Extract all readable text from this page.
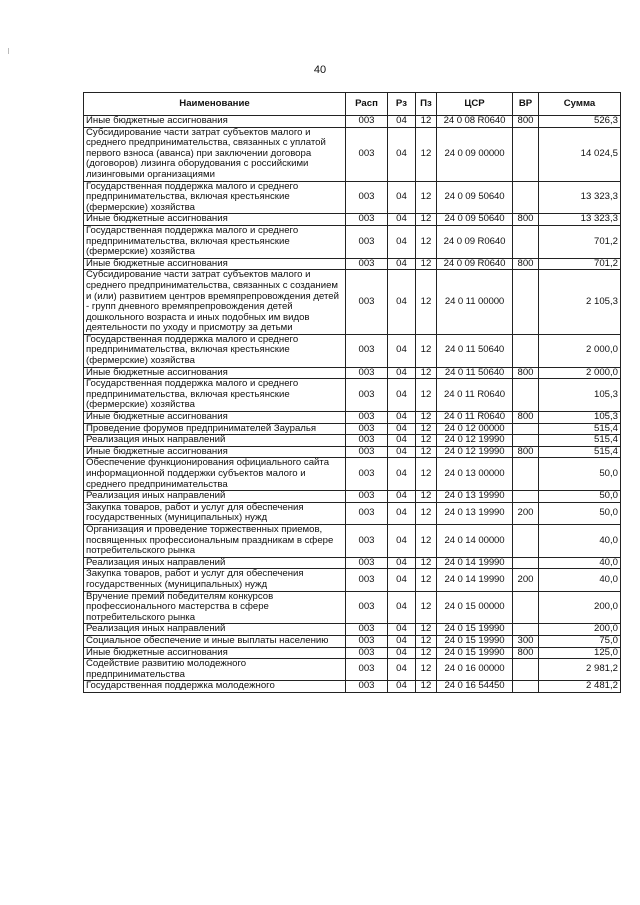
40
Наименование	Расп	Рз	Пз	ЦСР	ВР	Сумма
Иные бюджетные ассигнования	003	04	12	24 0 08 R0640	800	526,3
Субсидирование части затрат субъектов малого и среднего предпринимательства, связанных с уплатой первого взноса (аванса) при заключении договора (договоров) лизинга оборудования с российскими лизинговыми организациями	003	04	12	24 0 09 00000		14 024,5
Государственная поддержка малого и среднего предпринимательства, включая крестьянские (фермерские) хозяйства	003	04	12	24 0 09 50640		13 323,3
Иные бюджетные ассигнования	003	04	12	24 0 09 50640	800	13 323,3
Государственная поддержка малого и среднего предпринимательства, включая крестьянские (фермерские) хозяйства	003	04	12	24 0 09 R0640		701,2
Иные бюджетные ассигнования	003	04	12	24 0 09 R0640	800	701,2
Субсидирование части затрат субъектов малого и среднего предпринимательства, связанных с созданием и (или) развитием центров времяпрепровождения детей - групп дневного времяпрепровождения детей дошкольного возраста и иных подобных им видов деятельности по уходу и присмотру за детьми	003	04	12	24 0 11 00000		2 105,3
Государственная поддержка малого и среднего предпринимательства, включая крестьянские (фермерские) хозяйства	003	04	12	24 0 11 50640		2 000,0
Иные бюджетные ассигнования	003	04	12	24 0 11 50640	800	2 000,0
Государственная поддержка малого и среднего предпринимательства, включая крестьянские (фермерские) хозяйства	003	04	12	24 0 11 R0640		105,3
Иные бюджетные ассигнования	003	04	12	24 0 11 R0640	800	105,3
Проведение форумов предпринимателей Зауралья	003	04	12	24 0 12 00000		515,4
Реализация иных направлений	003	04	12	24 0 12 19990		515,4
Иные бюджетные ассигнования	003	04	12	24 0 12 19990	800	515,4
Обеспечение функционирования официального сайта информационной поддержки субъектов малого и среднего предпринимательства	003	04	12	24 0 13 00000		50,0
Реализация иных направлений	003	04	12	24 0 13 19990		50,0
Закупка товаров, работ и услуг для обеспечения государственных (муниципальных) нужд	003	04	12	24 0 13 19990	200	50,0
Организация и проведение торжественных приемов, посвященных профессиональным праздникам в сфере потребительского рынка	003	04	12	24 0 14 00000		40,0
Реализация иных направлений	003	04	12	24 0 14 19990		40,0
Закупка товаров, работ и услуг для обеспечения государственных (муниципальных) нужд	003	04	12	24 0 14 19990	200	40,0
Вручение премий победителям конкурсов профессионального мастерства в сфере потребительского рынка	003	04	12	24 0 15 00000		200,0
Реализация иных направлений	003	04	12	24 0 15 19990		200,0
Социальное обеспечение и иные выплаты населению	003	04	12	24 0 15 19990	300	75,0
Иные бюджетные ассигнования	003	04	12	24 0 15 19990	800	125,0
Содействие развитию молодежного предпринимательства	003	04	12	24 0 16 00000		2 981,2
Государственная поддержка молодежного	003	04	12	24 0 16 54450		2 481,2
